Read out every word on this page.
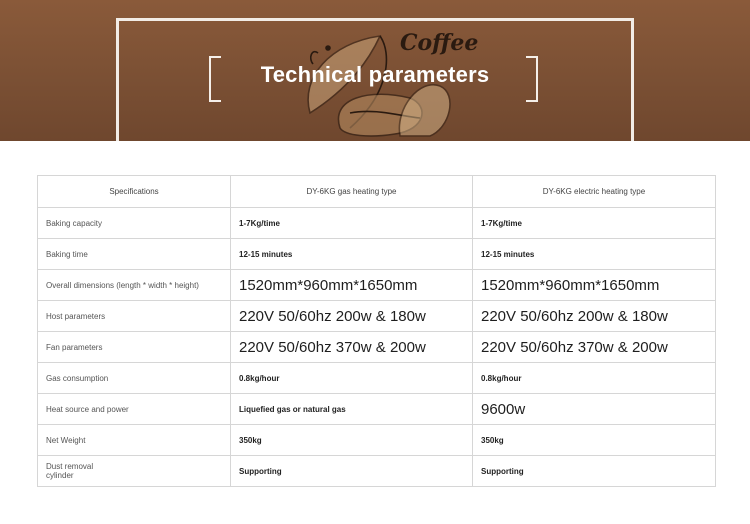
Coffee
Technical parameters
Specifications	DY-6KG gas heating type	DY-6KG electric heating type
Baking capacity	1-7Kg/time	1-7Kg/time
Baking time	12-15 minutes	12-15 minutes
Overall dimensions (length * width * height)	1520mm*960mm*1650mm	1520mm*960mm*1650mm
Host parameters	220V 50/60hz 200w & 180w	220V 50/60hz 200w & 180w
Fan parameters	220V 50/60hz 370w & 200w	220V 50/60hz 370w & 200w
Gas consumption	0.8kg/hour	0.8kg/hour
Heat source and power	Liquefied gas or natural gas	9600w
Net Weight	350kg	350kg
Dust removal cylinder	Supporting	Supporting
